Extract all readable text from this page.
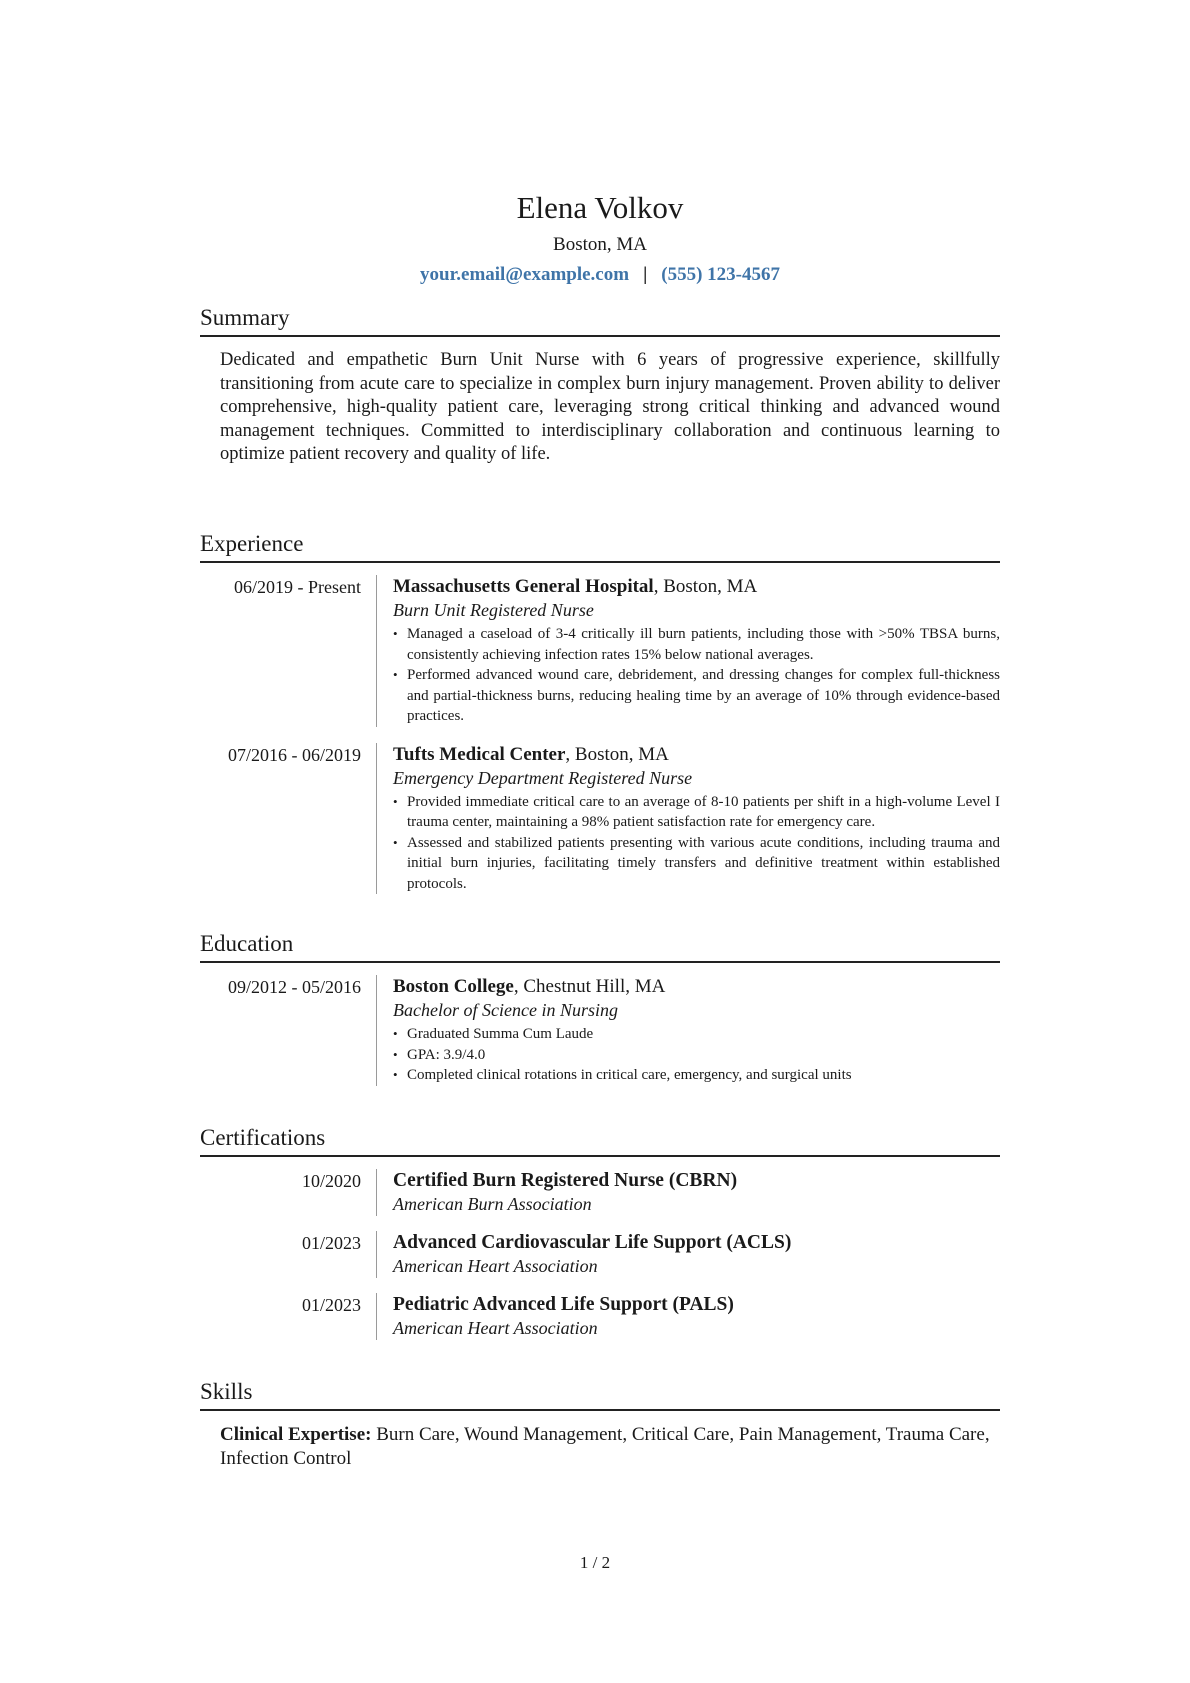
Elena Volkov
Boston, MA
your.email@example.com | (555) 123-4567
Summary

Dedicated and empathetic Burn Unit Nurse with 6 years of progressive experience, skillfully transitioning from acute care to specialize in complex burn injury management. Proven ability to deliver comprehensive, high-quality patient care, leveraging strong critical thinking and advanced wound management techniques. Committed to interdisciplinary collaboration and continuous learning to optimize patient recovery and quality of life.

Experience
06/2019 - Present	Massachusetts General Hospital, Boston, MA
Burn Unit Registered Nurse
• Managed a caseload of 3-4 critically ill burn patients, including those with >50% TBSA burns, consistently achieving infection rates 15% below national averages.
• Performed advanced wound care, debridement, and dressing changes for complex full-thickness and partial-thickness burns, reducing healing time by an average of 10% through evidence-based practices.
07/2016 - 06/2019	Tufts Medical Center, Boston, MA
Emergency Department Registered Nurse
• Provided immediate critical care to an average of 8-10 patients per shift in a high-volume Level I trauma center, maintaining a 98% patient satisfaction rate for emergency care.
• Assessed and stabilized patients presenting with various acute conditions, including trauma and initial burn injuries, facilitating timely transfers and definitive treatment within established protocols.
Education
09/2012 - 05/2016	Boston College, Chestnut Hill, MA
Bachelor of Science in Nursing
• Graduated Summa Cum Laude
• GPA: 3.9/4.0
• Completed clinical rotations in critical care, emergency, and surgical units
Certifications
10/2020	Certified Burn Registered Nurse (CBRN)
American Burn Association
01/2023	Advanced Cardiovascular Life Support (ACLS)
American Heart Association
01/2023	Pediatric Advanced Life Support (PALS)
American Heart Association
Skills

Clinical Expertise: Burn Care, Wound Management, Critical Care, Pain Management, Trauma Care, Infection Control

1 / 2
